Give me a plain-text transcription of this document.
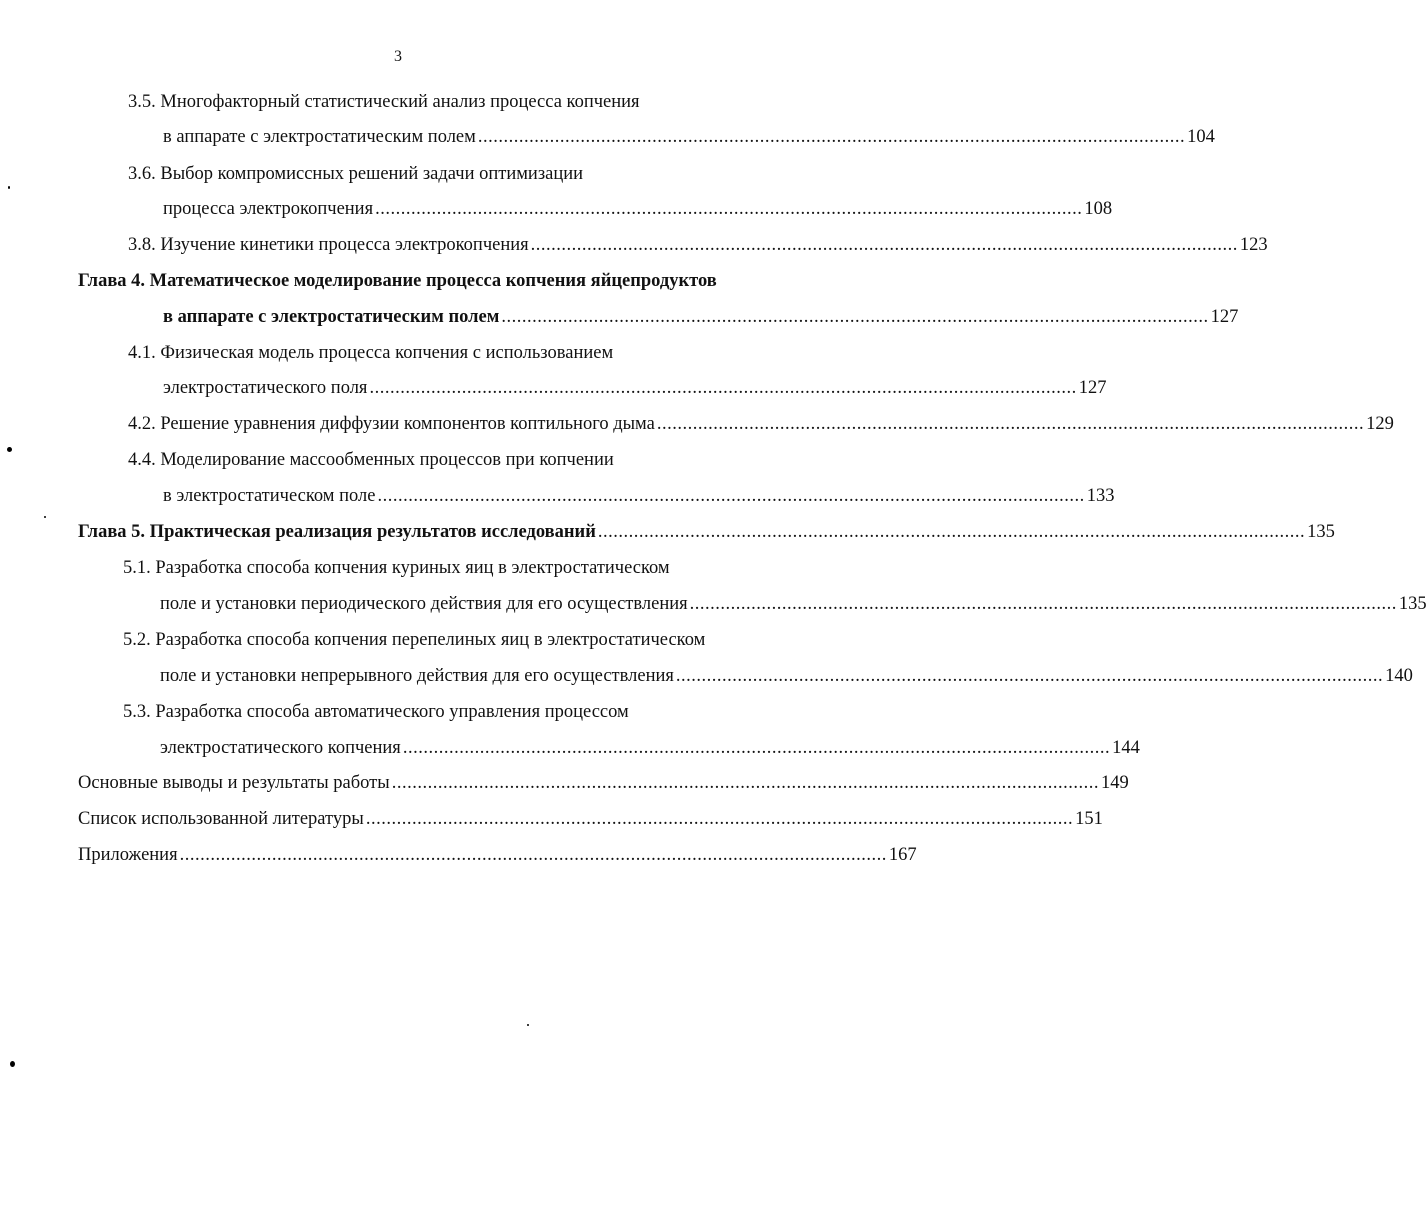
3
3.5. Многофакторный статистический анализ процесса копчения
в аппарате с электростатическим полем .......................................................................................................................................... 104
3.6. Выбор компромиссных решений задачи оптимизации
процесса электрокопчения .......................................................................................................................................... 108
3.8. Изучение кинетики процесса электрокопчения .......................................................................................................................................... 123
Глава 4. Математическое моделирование процесса копчения яйцепродуктов
в аппарате с электростатическим полем .......................................................................................................................................... 127
4.1. Физическая модель процесса копчения с использованием
электростатического поля .......................................................................................................................................... 127
4.2. Решение уравнения диффузии компонентов коптильного дыма .......................................................................................................................................... 129
4.4. Моделирование массообменных процессов при копчении
в электростатическом поле .......................................................................................................................................... 133
Глава 5. Практическая реализация результатов исследований .......................................................................................................................................... 135
5.1. Разработка способа копчения куриных яиц в электростатическом
поле и установки периодического действия для его осуществления .......................................................................................................................................... 135
5.2. Разработка способа копчения перепелиных яиц в электростатическом
поле и установки непрерывного действия для его осуществления .......................................................................................................................................... 140
5.3. Разработка способа автоматического управления процессом
электростатического копчения .......................................................................................................................................... 144
Основные выводы и результаты работы .......................................................................................................................................... 149
Список использованной литературы .......................................................................................................................................... 151
Приложения .......................................................................................................................................... 167
